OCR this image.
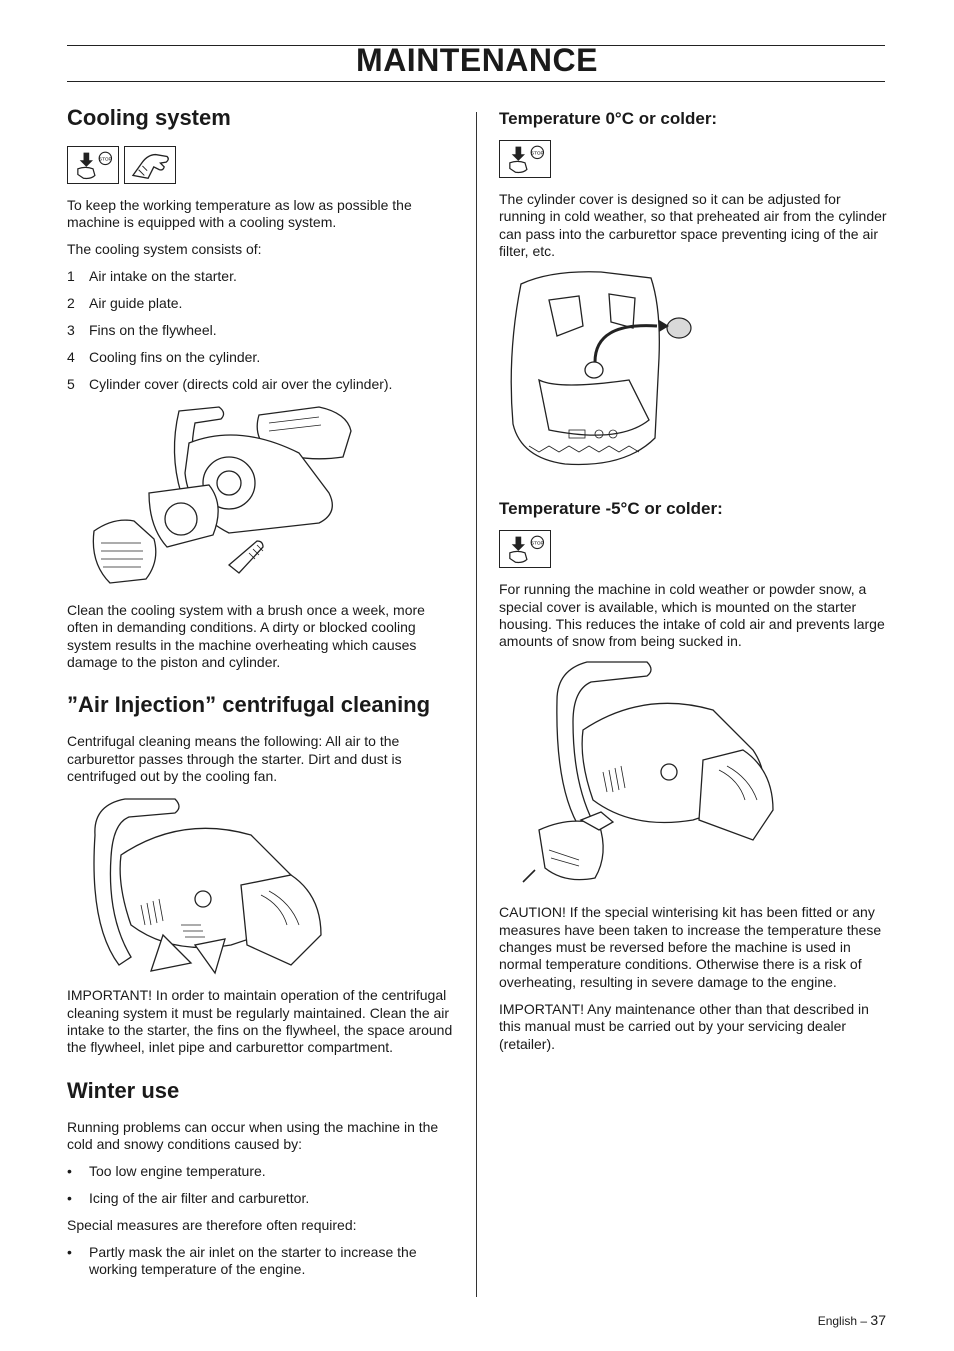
MAINTENANCE
Cooling system
STOP

To keep the working temperature as low as possible the machine is equipped with a cooling system.

The cooling system consists of:

1	Air intake on the starter.
2	Air guide plate.
3	Fins on the flywheel.
4	Cooling fins on the cylinder.
5	Cylinder cover (directs cold air over the cylinder).

Clean the cooling system with a brush once a week, more often in demanding conditions. A dirty or blocked cooling system results in the machine overheating which causes damage to the piston and cylinder.

”Air Injection” centrifugal cleaning

Centrifugal cleaning means the following: All air to the carburettor passes through the starter. Dirt and dust is centrifuged out by the cooling fan.

IMPORTANT! In order to maintain operation of the centrifugal cleaning system it must be regularly maintained. Clean the air intake to the starter, the fins on the flywheel, the space around the flywheel, inlet pipe and carburettor compartment.

Winter use

Running problems can occur when using the machine in the cold and snowy conditions caused by:

•	Too low engine temperature.
•	Icing of the air filter and carburettor.

Special measures are therefore often required:

•	Partly mask the air inlet on the starter to increase the working temperature of the engine.
Temperature 0°C or colder:
STOP

The cylinder cover is designed so it can be adjusted for running in cold weather, so that preheated air from the cylinder can pass into the carburettor space preventing icing of the air filter, etc.

Temperature -5°C or colder:
STOP

For running the machine in cold weather or powder snow, a special cover is available, which is mounted on the starter housing. This reduces the intake of cold air and prevents large amounts of snow from being sucked in.

CAUTION! If the special winterising kit has been fitted or any measures have been taken to increase the temperature these changes must be reversed before the machine is used in normal temperature conditions. Otherwise there is a risk of overheating, resulting in severe damage to the engine.

IMPORTANT! Any maintenance other than that described in this manual must be carried out by your servicing dealer (retailer).

English – 37
